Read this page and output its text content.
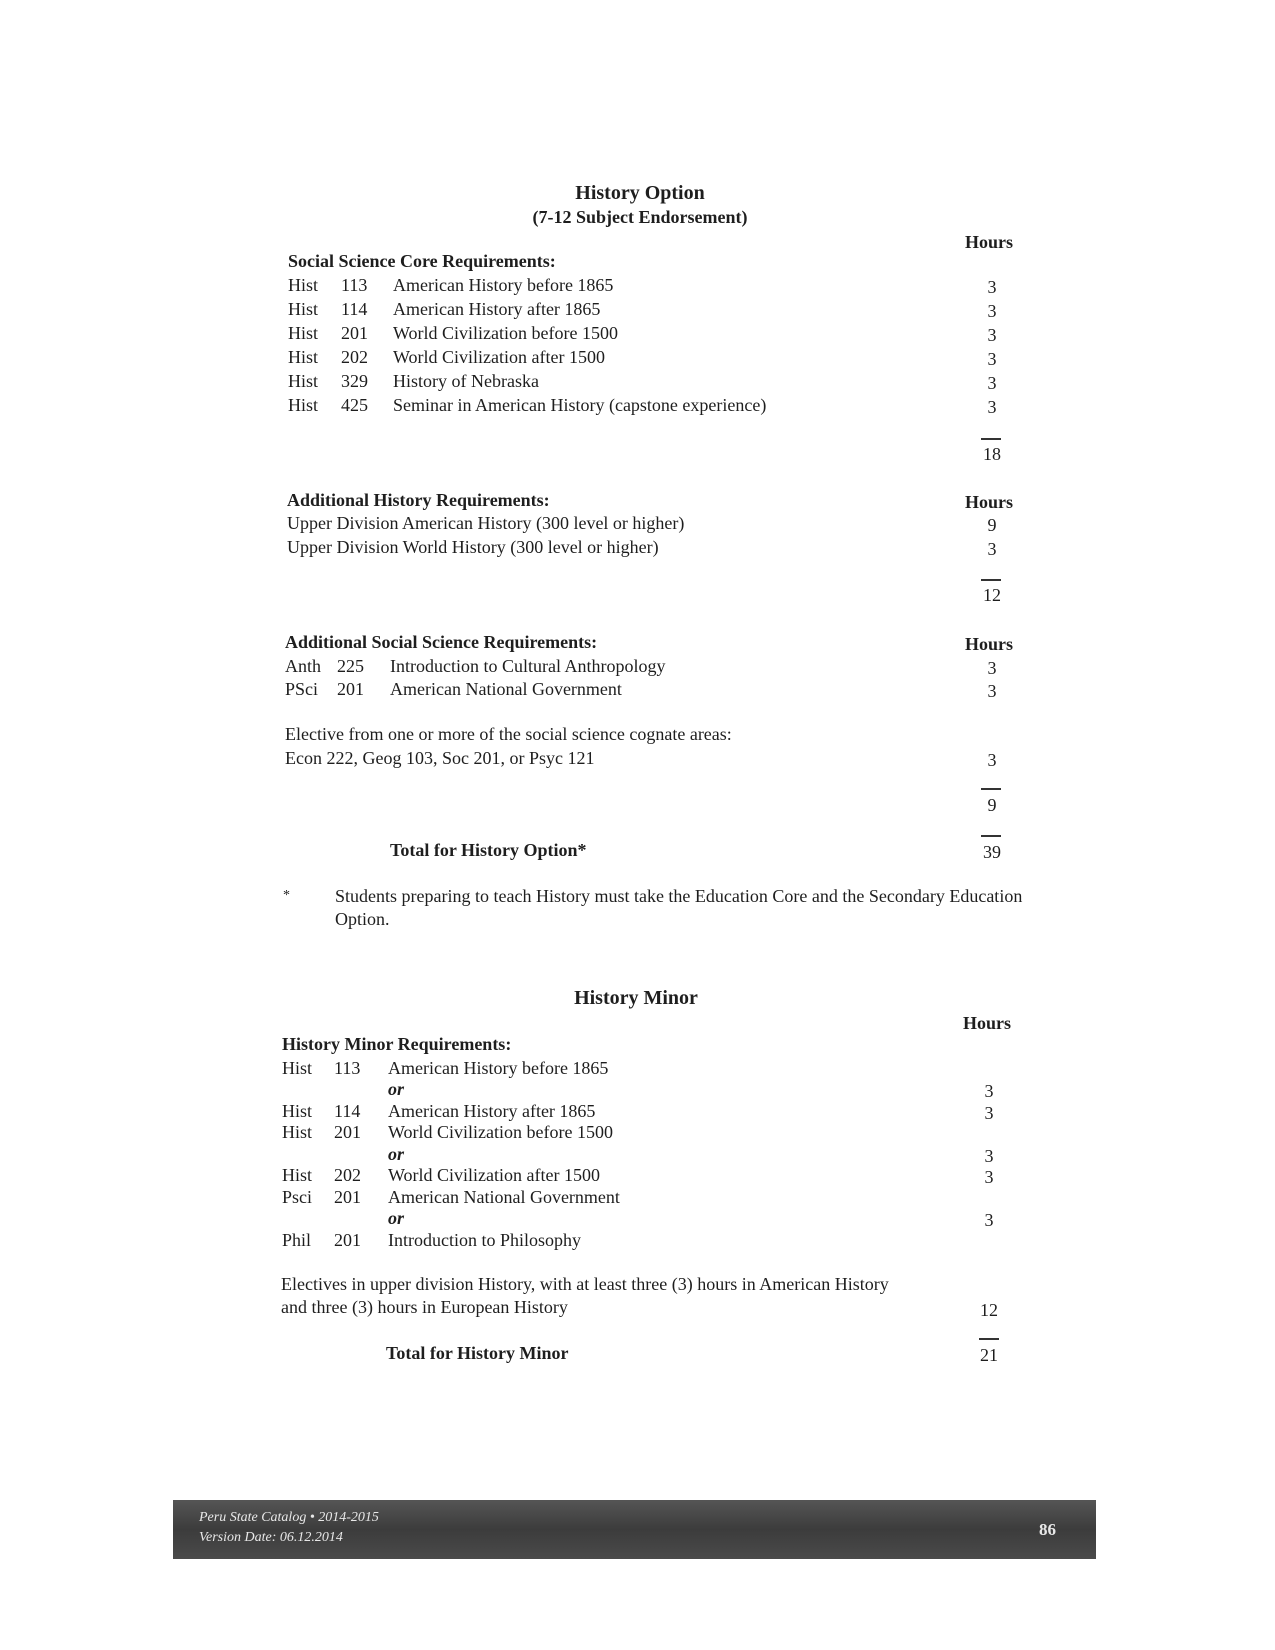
History Option
(7-12 Subject Endorsement)
Hours
Social Science Core Requirements:
Hist 113 American History before 1865	3
Hist 114 American History after 1865	3
Hist 201 World Civilization before 1500	3
Hist 202 World Civilization after 1500	3
Hist 329 History of Nebraska	3
Hist 425 Seminar in American History (capstone experience)	3
18
Additional History Requirements:	Hours
Upper Division American History (300 level or higher)	9
Upper Division World History (300 level or higher)	3
12
Additional Social Science Requirements:	Hours
Anth 225 Introduction to Cultural Anthropology	3
PSci 201 American National Government	3
Elective from one or more of the social science cognate areas:
Econ 222, Geog 103, Soc 201, or Psyc 121	3
9
Total for History Option*	39
*	Students preparing to teach History must take the Education Core and the Secondary Education
Option.
History Minor
Hours
History Minor Requirements:
Hist 113 American History before 1865
or	3
Hist 114 American History after 1865	3
Hist 201 World Civilization before 1500
or	3
Hist 202 World Civilization after 1500	3
Psci 201 American National Government
or	3
Phil 201 Introduction to Philosophy
Electives in upper division History, with at least three (3) hours in American History
and three (3) hours in European History	12
Total for History Minor	21
Peru State Catalog • 2014-2015
Version Date: 06.12.2014	86
